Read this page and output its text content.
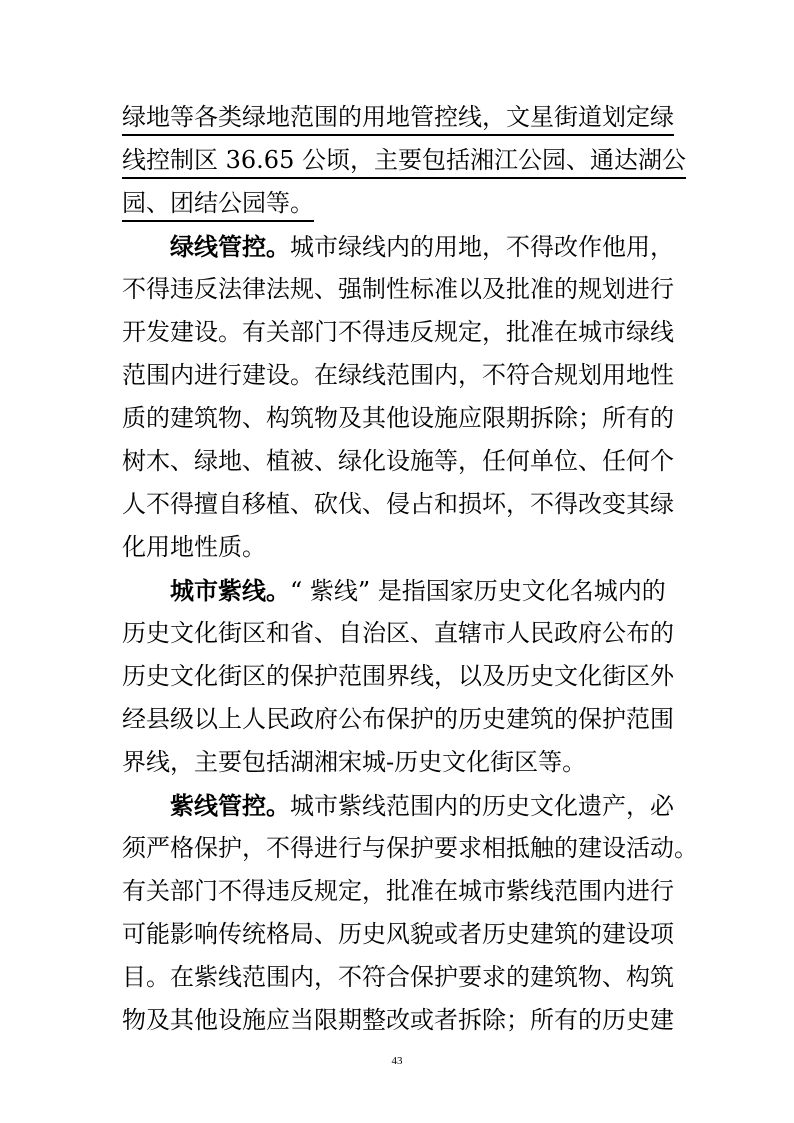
绿地等各类绿地范围的用地管控线，文星街道划定绿
线控制区 36.65 公顷，主要包括湘江公园、通达湖公
园、团结公园等。
绿线管控。城市绿线内的用地，不得改作他用，
不得违反法律法规、强制性标准以及批准的规划进行
开发建设。有关部门不得违反规定，批准在城市绿线
范围内进行建设。在绿线范围内，不符合规划用地性
质的建筑物、构筑物及其他设施应限期拆除；所有的
树木、绿地、植被、绿化设施等，任何单位、任何个
人不得擅自移植、砍伐、侵占和损坏，不得改变其绿
化用地性质。
城市紫线。“ 紫线” 是指国家历史文化名城内的
历史文化街区和省、自治区、直辖市人民政府公布的
历史文化街区的保护范围界线，以及历史文化街区外
经县级以上人民政府公布保护的历史建筑的保护范围
界线，主要包括湖湘宋城-历史文化街区等。
紫线管控。城市紫线范围内的历史文化遗产，必
须严格保护，不得进行与保护要求相抵触的建设活动。
有关部门不得违反规定，批准在城市紫线范围内进行
可能影响传统格局、历史风貌或者历史建筑的建设项
目。在紫线范围内，不符合保护要求的建筑物、构筑
物及其他设施应当限期整改或者拆除；所有的历史建
43
